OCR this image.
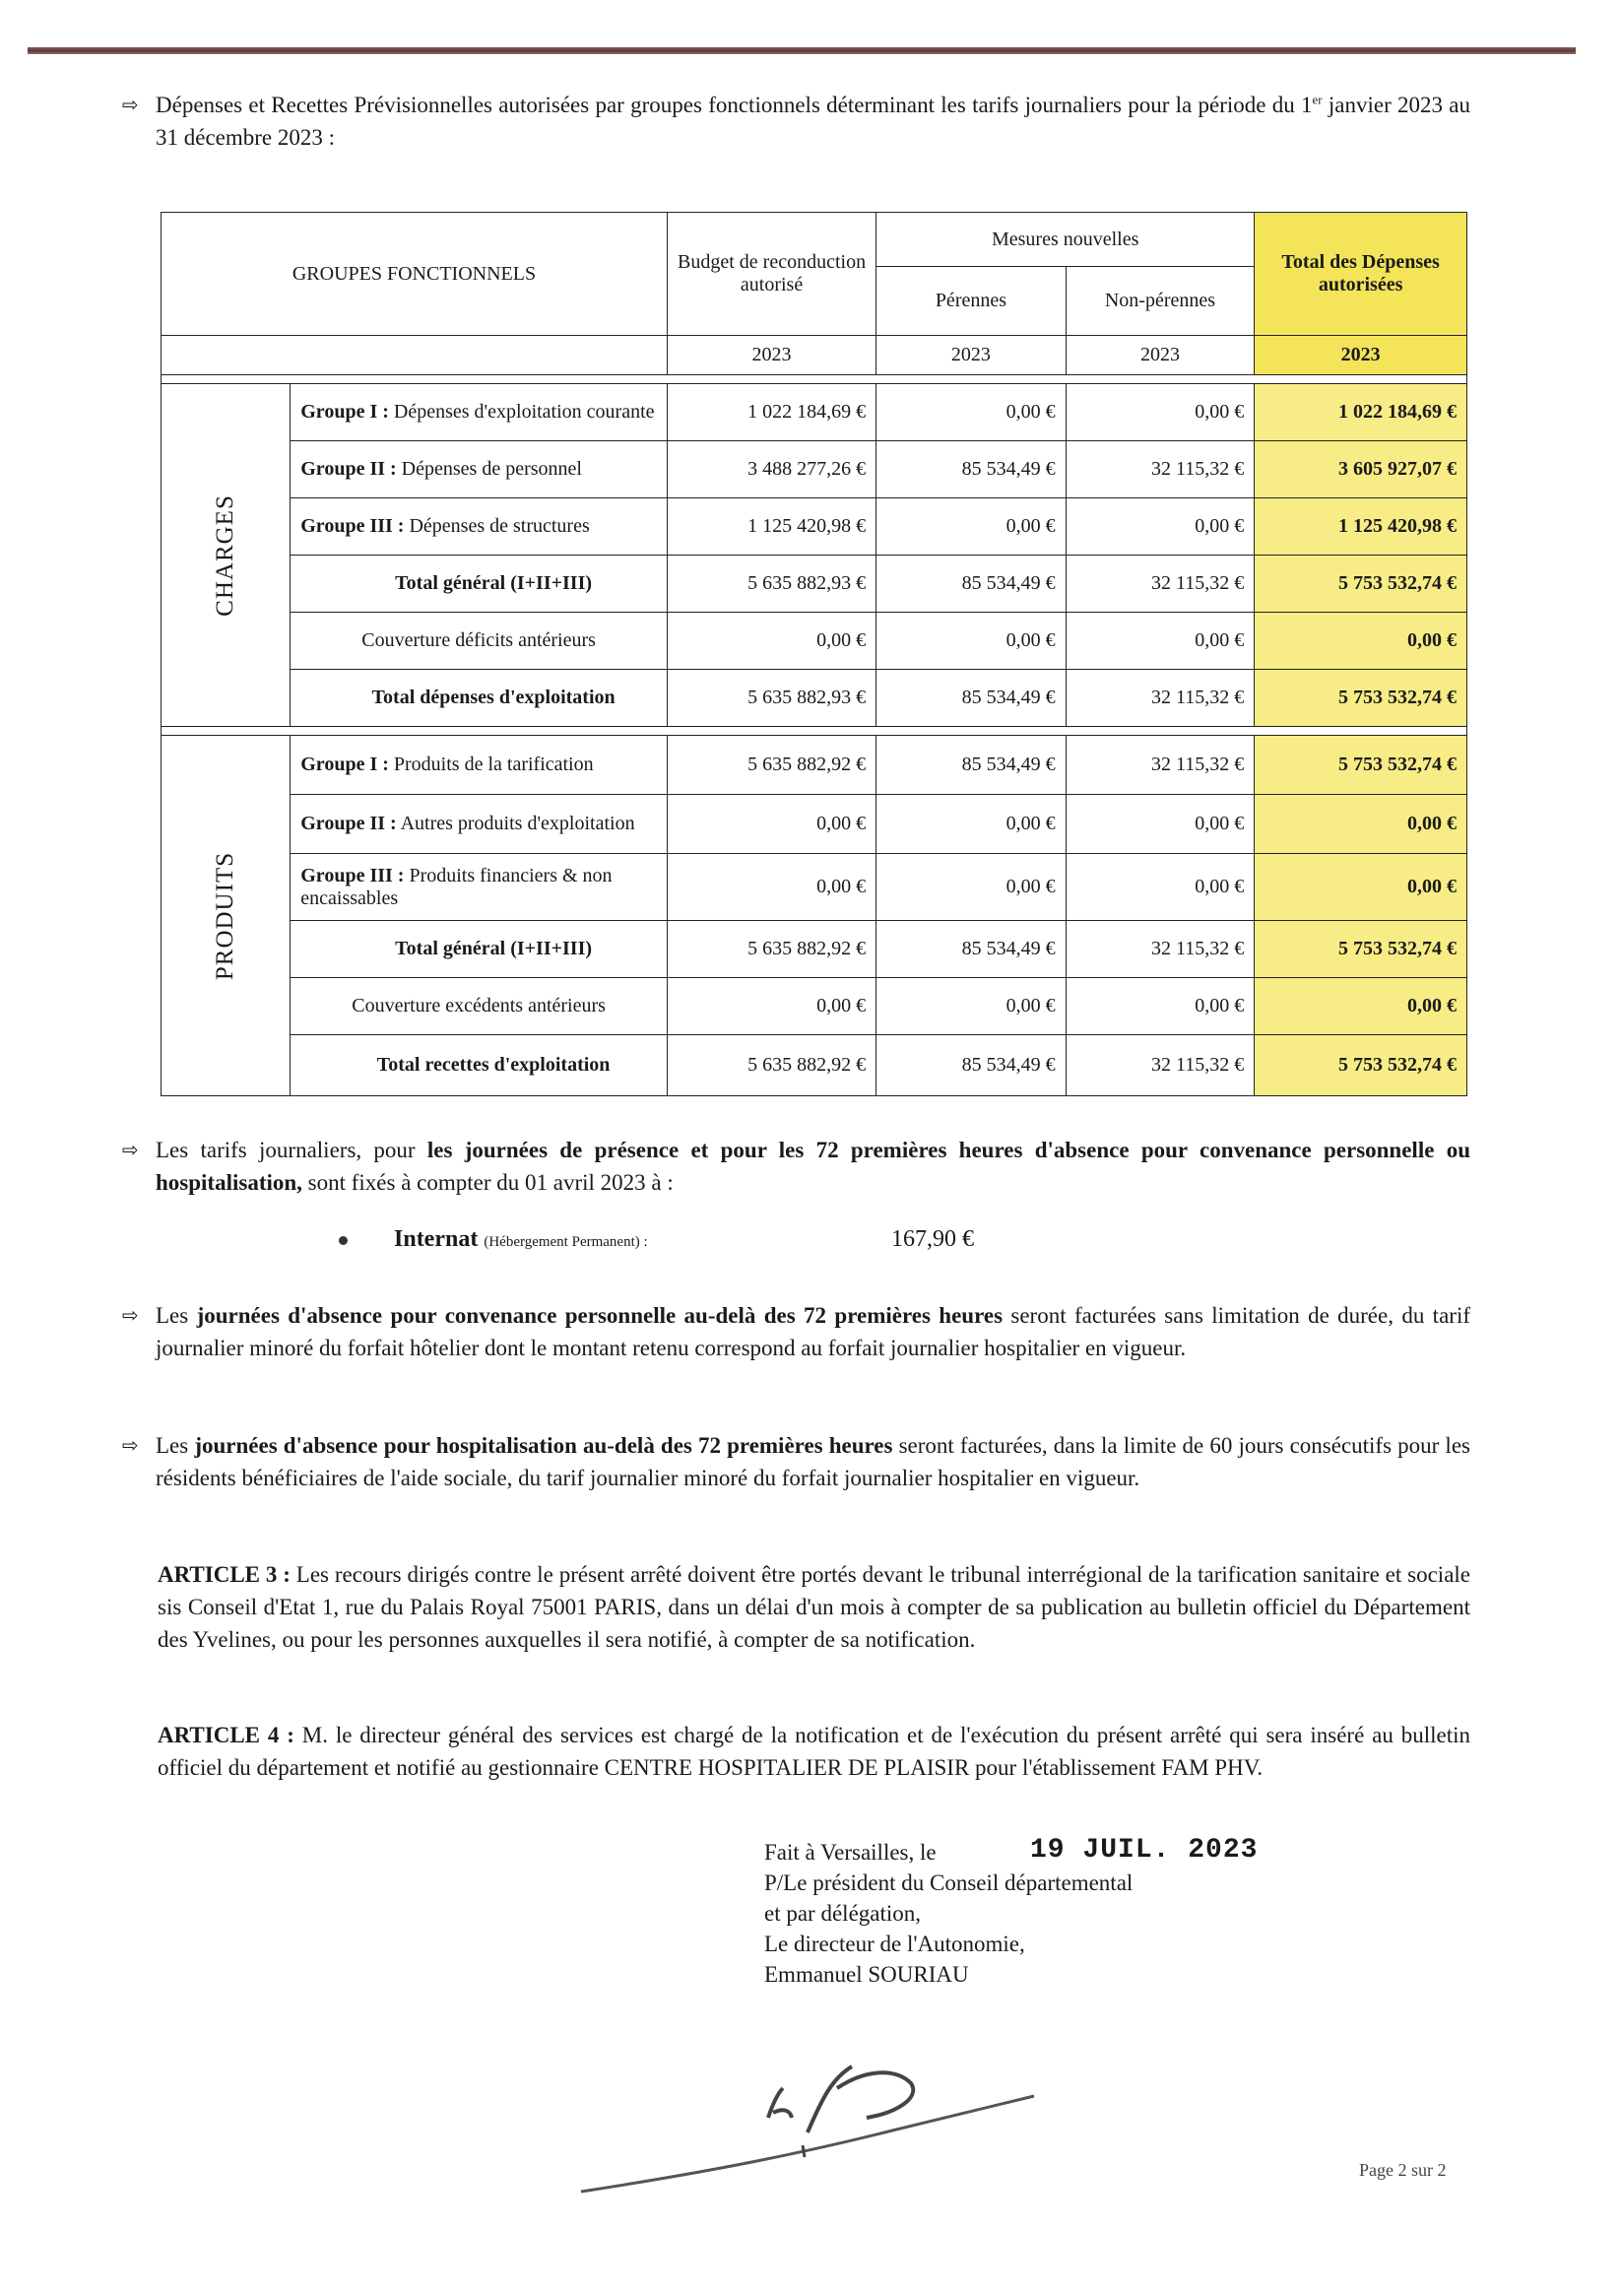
⇨ Dépenses et Recettes Prévisionnelles autorisées par groupes fonctionnels déterminant les tarifs journaliers pour la période du 1er janvier 2023 au 31 décembre 2023 :
GROUPES FONCTIONNELS		Budget de reconduction autorisé	Mesures nouvelles		Total des Dépenses autorisées
			Pérennes	Non-pérennes	
		2023	2023	2023	2023

CHARGES	Groupe I : Dépenses d'exploitation courante	1 022 184,69 €	0,00 €	0,00 €	1 022 184,69 €
	Groupe II : Dépenses de personnel	3 488 277,26 €	85 534,49 €	32 115,32 €	3 605 927,07 €
	Groupe III : Dépenses de structures	1 125 420,98 €	0,00 €	0,00 €	1 125 420,98 €
	Total général (I+II+III)	5 635 882,93 €	85 534,49 €	32 115,32 €	5 753 532,74 €
	Couverture déficits antérieurs	0,00 €	0,00 €	0,00 €	0,00 €
	Total dépenses d'exploitation	5 635 882,93 €	85 534,49 €	32 115,32 €	5 753 532,74 €

PRODUITS	Groupe I : Produits de la tarification	5 635 882,92 €	85 534,49 €	32 115,32 €	5 753 532,74 €
	Groupe II : Autres produits d'exploitation	0,00 €	0,00 €	0,00 €	0,00 €
	Groupe III : Produits financiers & non encaissables	0,00 €	0,00 €	0,00 €	0,00 €
	Total général (I+II+III)	5 635 882,92 €	85 534,49 €	32 115,32 €	5 753 532,74 €
	Couverture excédents antérieurs	0,00 €	0,00 €	0,00 €	0,00 €
	Total recettes d'exploitation	5 635 882,92 €	85 534,49 €	32 115,32 €	5 753 532,74 €
⇨ Les tarifs journaliers, pour les journées de présence et pour les 72 premières heures d'absence pour convenance personnelle ou hospitalisation, sont fixés à compter du 01 avril 2023 à :
Internat (Hébergement Permanent) :	167,90 €
⇨ Les journées d'absence pour convenance personnelle au-delà des 72 premières heures seront facturées sans limitation de durée, du tarif journalier minoré du forfait hôtelier dont le montant retenu correspond au forfait journalier hospitalier en vigueur.
⇨ Les journées d'absence pour hospitalisation au-delà des 72 premières heures seront facturées, dans la limite de 60 jours consécutifs pour les résidents bénéficiaires de l'aide sociale, du tarif journalier minoré du forfait journalier hospitalier en vigueur.
ARTICLE 3 : Les recours dirigés contre le présent arrêté doivent être portés devant le tribunal interrégional de la tarification sanitaire et sociale sis Conseil d'Etat 1, rue du Palais Royal 75001 PARIS, dans un délai d'un mois à compter de sa publication au bulletin officiel du Département des Yvelines, ou pour les personnes auxquelles il sera notifié, à compter de sa notification.
ARTICLE 4 : M. le directeur général des services est chargé de la notification et de l'exécution du présent arrêté qui sera inséré au bulletin officiel du département et notifié au gestionnaire CENTRE HOSPITALIER DE PLAISIR pour l'établissement FAM PHV.
Fait à Versailles, le
P/Le président du Conseil départemental
et par délégation,
Le directeur de l'Autonomie,
Emmanuel SOURIAU
19 JUIL. 2023
Page 2 sur 2
